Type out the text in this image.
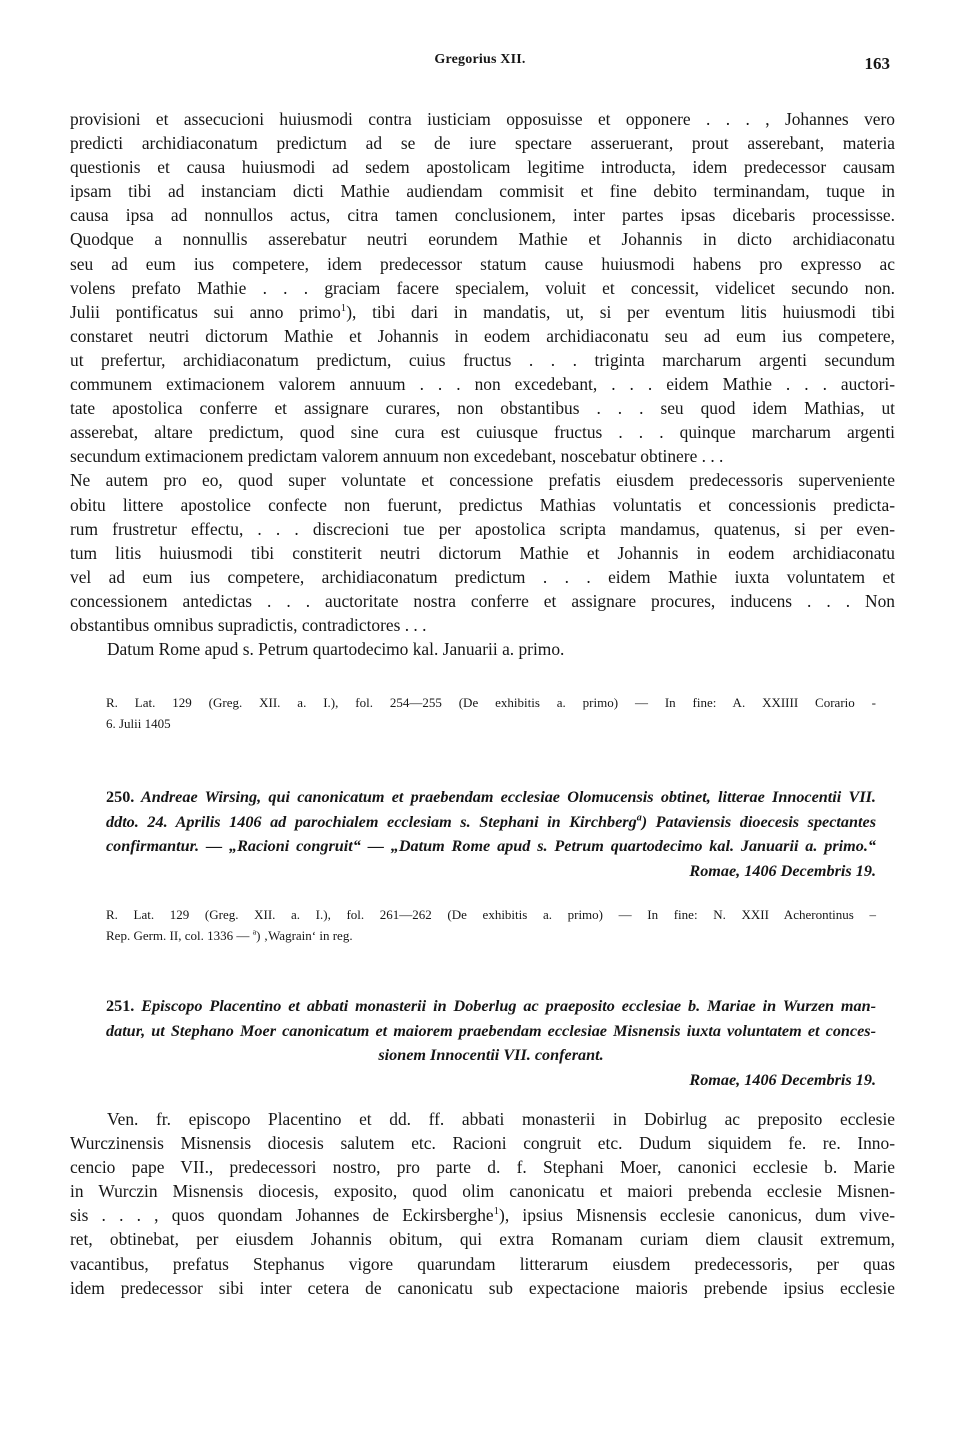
Gregorius XII.	163
provisioni et assecucioni huiusmodi contra iusticiam opposuisse et opponere . . . , Johannes vero
predicti archidiaconatum predictum ad se de iure spectare asseruerant, prout asserebant, materia
questionis et causa huiusmodi ad sedem apostolicam legitime introducta, idem predecessor causam
ipsam tibi ad instanciam dicti Mathie audiendam commisit et fine debito terminandam, tuque in
causa ipsa ad nonnullos actus, citra tamen conclusionem, inter partes ipsas dicebaris processisse.
Quodque a nonnullis asserebatur neutri eorundem Mathie et Johannis in dicto archidiaconatu
seu ad eum ius competere, idem predecessor statum cause huiusmodi habens pro expresso ac
volens prefato Mathie . . . graciam facere specialem, voluit et concessit, videlicet secundo non.
Julii pontificatus sui anno primo$^1$), tibi dari in mandatis, ut, si per eventum litis huiusmodi tibi
constaret neutri dictorum Mathie et Johannis in eodem archidiaconatu seu ad eum ius competere,
ut prefertur, archidiaconatum predictum, cuius fructus . . . triginta marcharum argenti secundum
communem extimacionem valorem annuum . . . non excedebant, . . . eidem Mathie . . . auctori-
tate apostolica conferre et assignare curares, non obstantibus . . . seu quod idem Mathias, ut
asserebat, altare predictum, quod sine cura est cuiusque fructus . . . quinque marcharum argenti
secundum extimacionem predictam valorem annuum non excedebant, noscebatur obtinere . . .
Ne autem pro eo, quod super voluntate et concessione prefatis eiusdem predecessoris superveniente
obitu littere apostolice confecte non fuerunt, predictus Mathias voluntatis et concessionis predicta-
rum frustretur effectu, . . . discrecioni tue per apostolica scripta mandamus, quatenus, si per even-
tum litis huiusmodi tibi constiterit neutri dictorum Mathie et Johannis in eodem archidiaconatu
vel ad eum ius competere, archidiaconatum predictum . . . eidem Mathie iuxta voluntatem et
concessionem antedictas . . . auctoritate nostra conferre et assignare procures, inducens . . . Non
obstantibus omnibus supradictis, contradictores . . .
Datum Rome apud s. Petrum quartodecimo kal. Januarii a. primo.
R. Lat. 129 (Greg. XII. a. I.), fol. 254—255 (De exhibitis a. primo) — In fine: A. XXIIII Corario -
6. Julii 1405
250. Andreae Wirsing, qui canonicatum et praebendam ecclesiae Olomucensis obtinet, litterae Innocentii VII.
ddto. 24. Aprilis 1406 ad parochialem ecclesiam s. Stephani in Kirchberg$^a$) Pataviensis dioecesis spectantes
confirmantur. — „Racioni congruit“ — „Datum Rome apud s. Petrum quartodecimo kal. Januarii a. primo.“
Romae, 1406 Decembris 19.
R. Lat. 129 (Greg. XII. a. I.), fol. 261—262 (De exhibitis a. primo) — In fine: N. XXII Acherontinus –
Rep. Germ. II, col. 1336 — $^a$) ‚Wagrain‘ in reg.
251. Episcopo Placentino et abbati monasterii in Doberlug ac praeposito ecclesiae b. Mariae in Wurzen man-
datur, ut Stephano Moer canonicatum et maiorem praebendam ecclesiae Misnensis iuxta voluntatem et conces-
sionem Innocentii VII. conferant.
Romae, 1406 Decembris 19.
Ven. fr. episcopo Placentino et dd. ff. abbati monasterii in Dobirlug ac preposito ecclesie
Wurczinensis Misnensis diocesis salutem etc. Racioni congruit etc. Dudum siquidem fe. re. Inno-
cencio pape VII., predecessori nostro, pro parte d. f. Stephani Moer, canonici ecclesie b. Marie
in Wurczin Misnensis diocesis, exposito, quod olim canonicatu et maiori prebenda ecclesie Misnen-
sis . . . , quos quondam Johannes de Eckirsberghe$^1$), ipsius Misnensis ecclesie canonicus, dum vive-
ret, obtinebat, per eiusdem Johannis obitum, qui extra Romanam curiam diem clausit extremum,
vacantibus, prefatus Stephanus vigore quarundam litterarum eiusdem predecessoris, per quas
idem predecessor sibi inter cetera de canonicatu sub expectacione maioris prebende ipsius ecclesie
